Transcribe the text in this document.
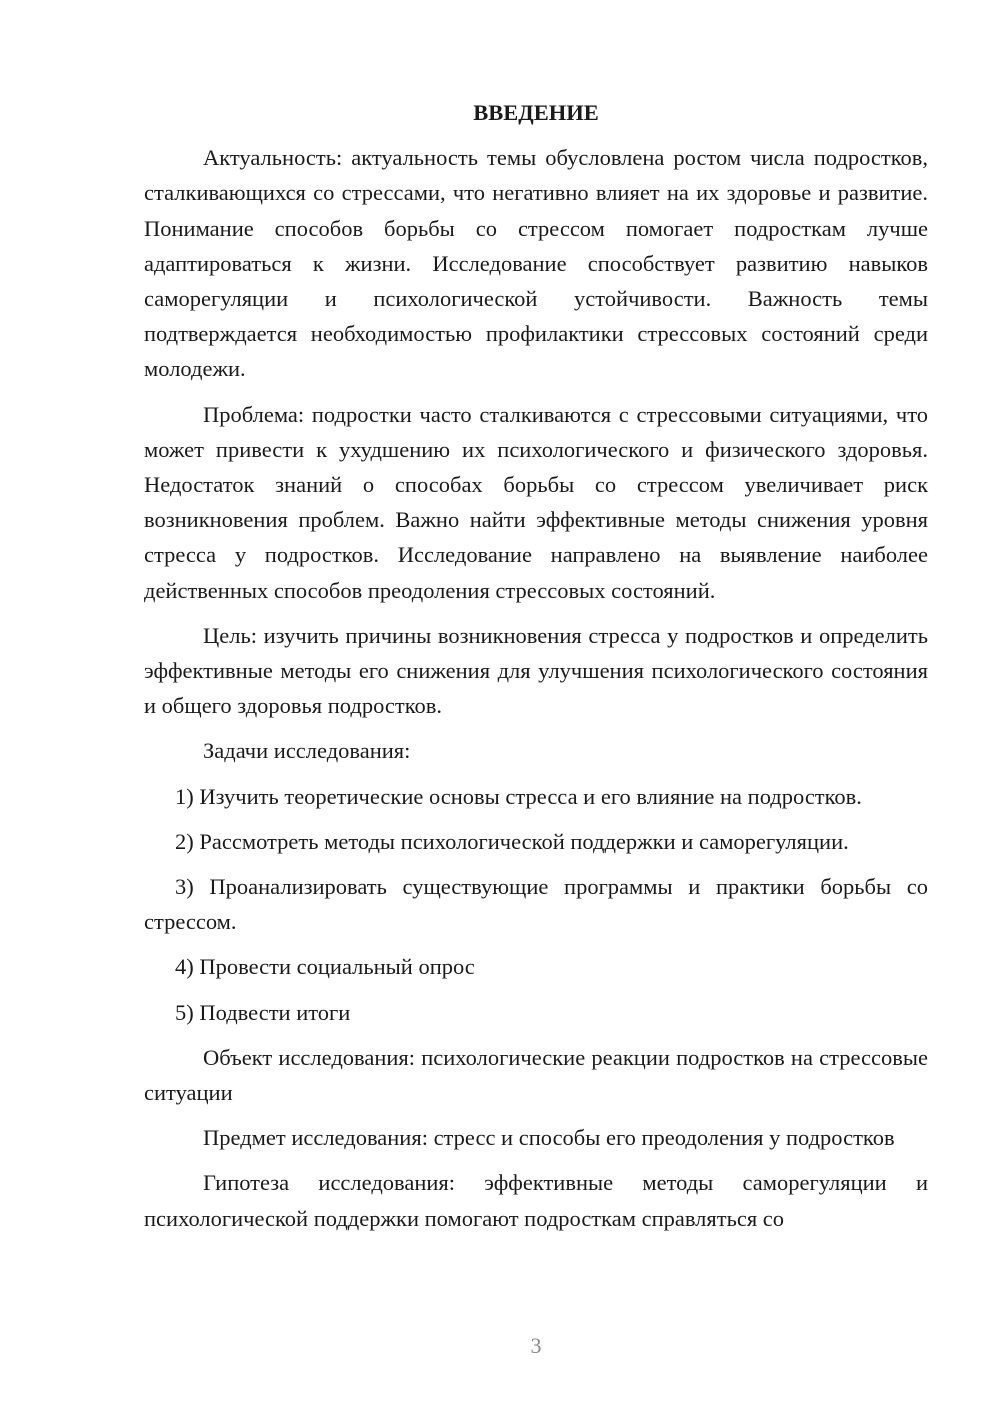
ВВЕДЕНИЕ

Актуальность: актуальность темы обусловлена ростом числа подростков, сталкивающихся со стрессами, что негативно влияет на их здоровье и развитие. Понимание способов борьбы со стрессом помогает подросткам лучше адаптироваться к жизни. Исследование способствует развитию навыков саморегуляции и психологической устойчивости. Важность темы подтверждается необходимостью профилактики стрессовых состояний среди молодежи.

Проблема: подростки часто сталкиваются с стрессовыми ситуациями, что может привести к ухудшению их психологического и физического здоровья. Недостаток знаний о способах борьбы со стрессом увеличивает риск возникновения проблем. Важно найти эффективные методы снижения уровня стресса у подростков. Исследование направлено на выявление наиболее действенных способов преодоления стрессовых состояний.

Цель: изучить причины возникновения стресса у подростков и определить эффективные методы его снижения для улучшения психологического состояния и общего здоровья подростков.

Задачи исследования:

1) Изучить теоретические основы стресса и его влияние на подростков.

2) Рассмотреть методы психологической поддержки и саморегуляции.

3) Проанализировать существующие программы и практики борьбы со стрессом.

4) Провести социальный опрос

5) Подвести итоги

Объект исследования: психологические реакции подростков на стрессовые ситуации

Предмет исследования: стресс и способы его преодоления у подростков

Гипотеза исследования: эффективные методы саморегуляции и психологической поддержки помогают подросткам справляться со

3
